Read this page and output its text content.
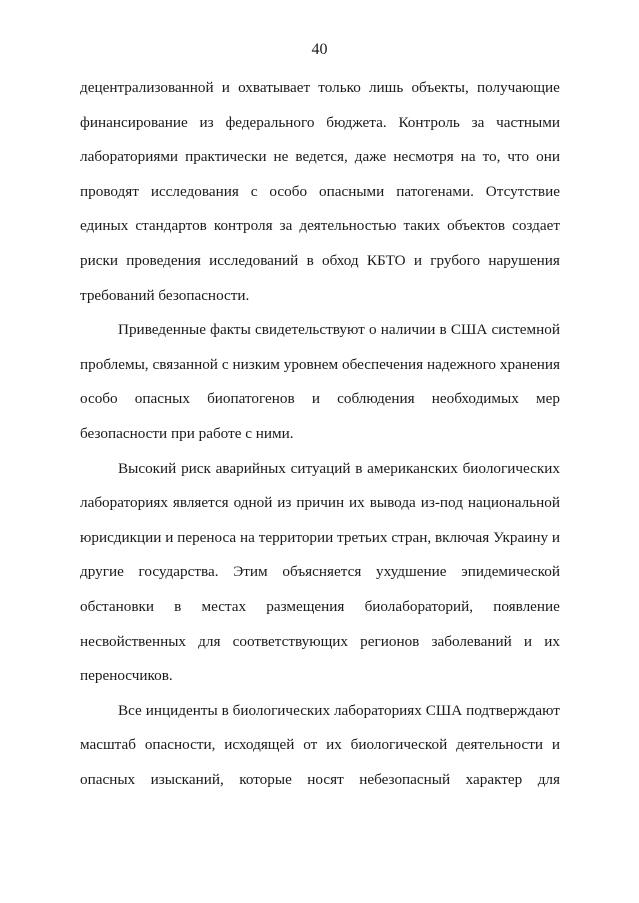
40
децентрализованной и охватывает только лишь объекты, получающие
финансирование из федерального бюджета. Контроль за частными
лабораториями практически не ведется, даже несмотря на то, что они
проводят исследования с особо опасными патогенами. Отсутствие
единых стандартов контроля за деятельностью таких объектов создает
риски проведения исследований в обход КБТО и грубого нарушения
требований безопасности.
Приведенные факты свидетельствуют о наличии в США системной
проблемы, связанной с низким уровнем обеспечения надежного хранения
особо опасных биопатогенов и соблюдения необходимых мер
безопасности при работе с ними.
Высокий риск аварийных ситуаций в американских биологических
лабораториях является одной из причин их вывода из-под национальной
юрисдикции и переноса на территории третьих стран, включая Украину и
другие государства. Этим объясняется ухудшение эпидемической
обстановки в местах размещения биолабораторий, появление
несвойственных для соответствующих регионов заболеваний и их
переносчиков.
Все инциденты в биологических лабораториях США подтверждают
масштаб опасности, исходящей от их биологической деятельности и
опасных изысканий, которые носят небезопасный характер для
